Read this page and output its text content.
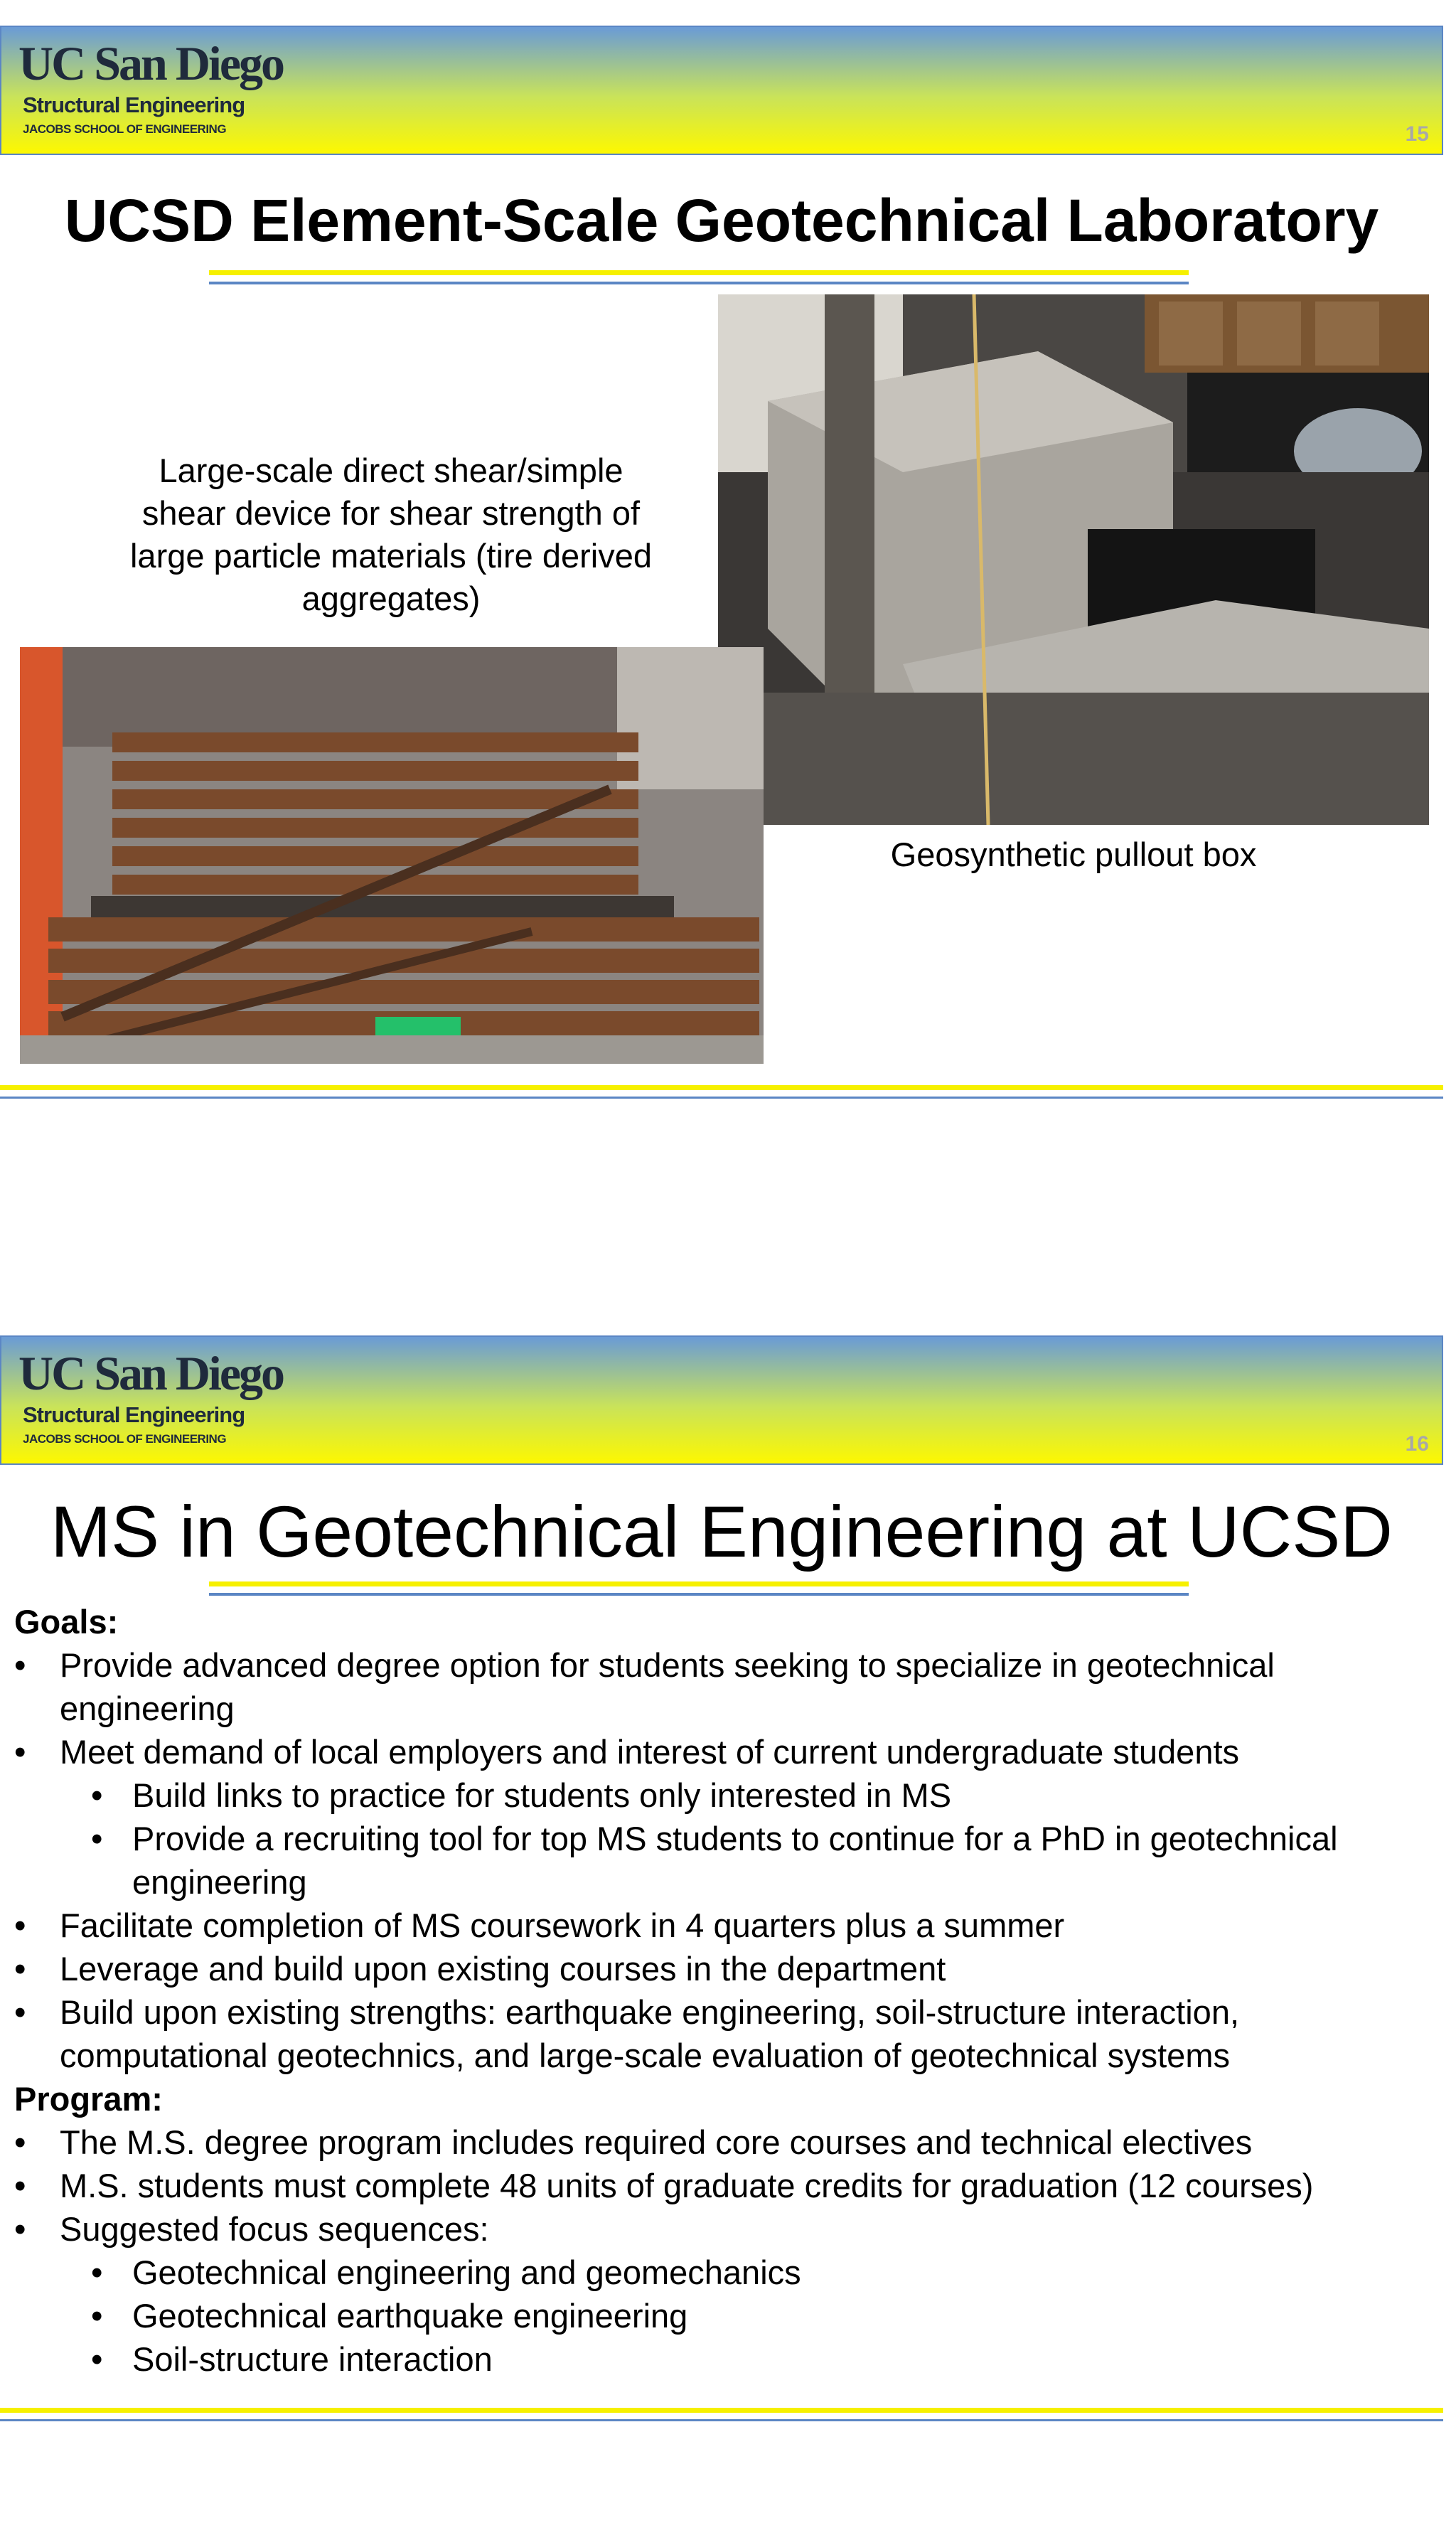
UC San Diego
Structural Engineering
JACOBS SCHOOL OF ENGINEERING	15
UCSD Element-Scale Geotechnical Laboratory
Large-scale direct shear/simple shear device for shear strength of large particle materials (tire derived aggregates)
Geosynthetic pullout box
UC San Diego
Structural Engineering
JACOBS SCHOOL OF ENGINEERING	16
MS in Geotechnical Engineering at UCSD
Goals:
• Provide advanced degree option for students seeking to specialize in geotechnical engineering
• Meet demand of local employers and interest of current undergraduate students
• Build links to practice for students only interested in MS
• Provide a recruiting tool for top MS students to continue for a PhD in geotechnical engineering
• Facilitate completion of MS coursework in 4 quarters plus a summer
• Leverage and build upon existing courses in the department
• Build upon existing strengths: earthquake engineering, soil-structure interaction, computational geotechnics, and large-scale evaluation of geotechnical systems
Program:
• The M.S. degree program includes required core courses and technical electives
• M.S. students must complete 48 units of graduate credits for graduation (12 courses)
• Suggested focus sequences:
• Geotechnical engineering and geomechanics
• Geotechnical earthquake engineering
• Soil-structure interaction
